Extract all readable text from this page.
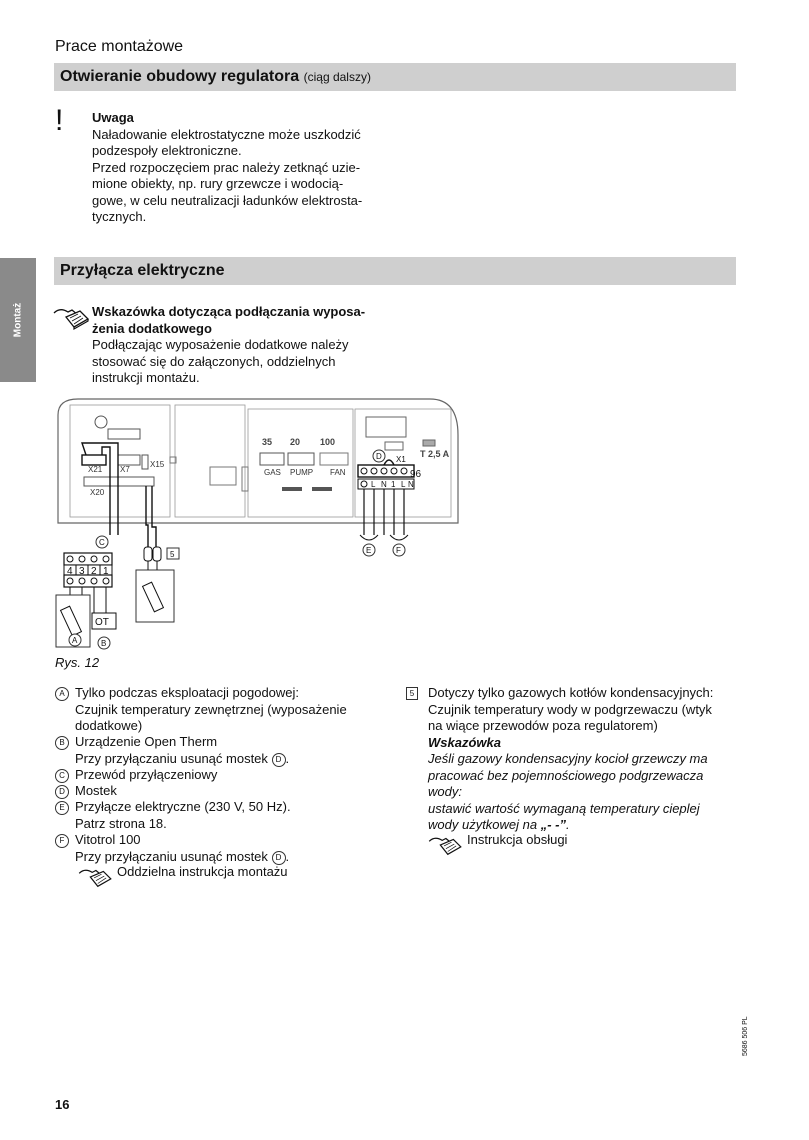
Prace montażowe
Otwieranie obudowy regulatora (ciąg dalszy)
! Uwaga
Naładowanie elektrostatyczne może uszkodzić
podzespoły elektroniczne.
Przed rozpoczęciem prac należy zetknąć uzie-
mione obiekty, np. rury grzewcze i wodocią-
gowe, w celu neutralizacji ładunków elektrosta-
tycznych.
Montaż
Przyłącza elektryczne
Wskazówka dotycząca podłączania wyposa-
żenia dodatkowego
Podłączając wyposażenie dodatkowe należy
stosować się do załączonych, oddzielnych
instrukcji montażu.
X21 X7
X15
X20
GAS PUMP FAN
35 20 100
T 2,5 A
X1
L N 1 L N
E	F
D
C
A	B
5
96
4 3 2 1
OT
Rys. 12
A Tylko podczas eksploatacji pogodowej:
Czujnik temperatury zewnętrznej (wyposażenie
dodatkowe)
B Urządzenie Open Therm
Przy przyłączaniu usunąć mostek D .
C Przewód przyłączeniowy
D Mostek
E Przyłącze elektryczne (230 V, 50 Hz).
Patrz strona 18.
F Vitotrol 100
Przy przyłączaniu usunąć mostek D .
Oddzielna instrukcja montażu
5 Dotyczy tylko gazowych kotłów kondensacyjnych:
Czujnik temperatury wody w podgrzewaczu (wtyk
na wiące przewodów poza regulatorem)
Wskazówka
Jeśli gazowy kondensacyjny kocioł grzewczy ma
pracować bez pojemnościowego podgrzewacza
wody:
ustawić wartość wymaganą temperatury cieplej
wody użytkowej na „- -”.
Instrukcja obsługi
16
5686 506 PL
